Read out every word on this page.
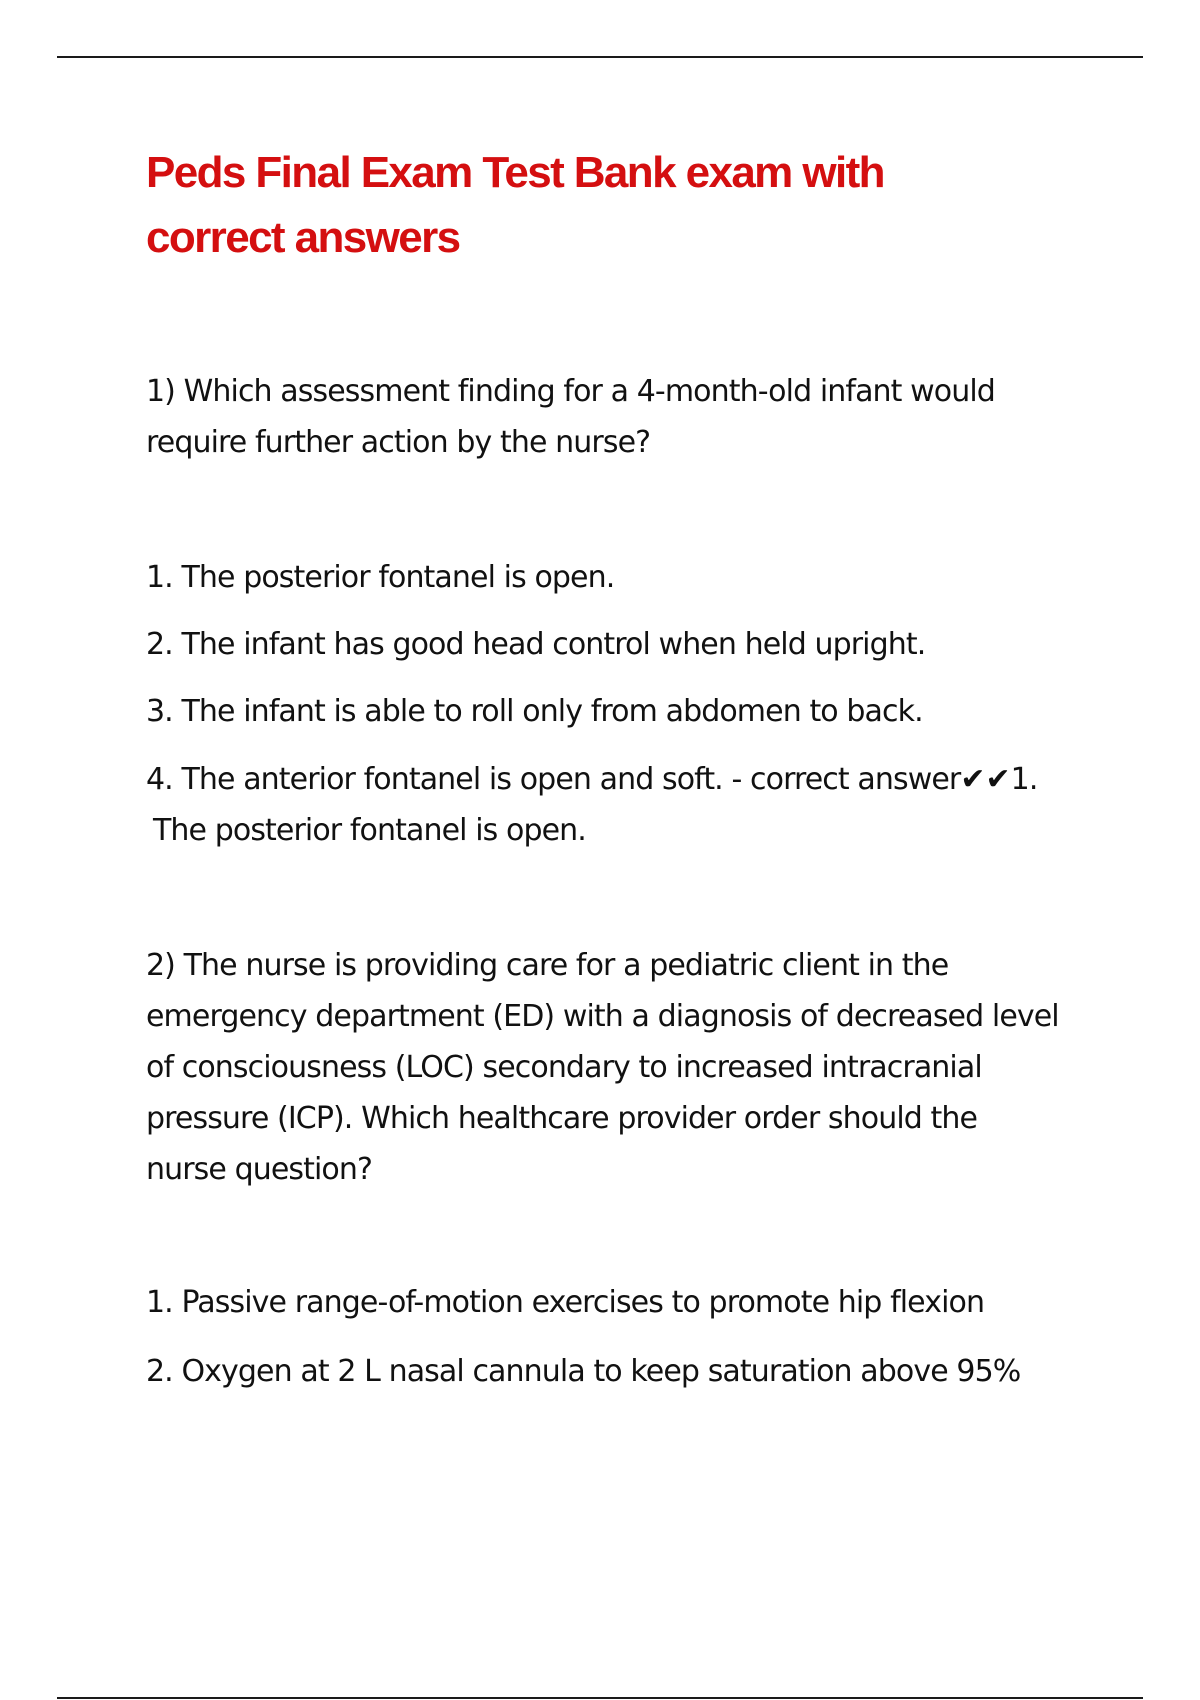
Peds Final Exam Test Bank exam with
correct answers

1) Which assessment finding for a 4-month-old infant would
require further action by the nurse?

1. The posterior fontanel is open.

2. The infant has good head control when held upright.

3. The infant is able to roll only from abdomen to back.

4. The anterior fontanel is open and soft. - correct answer✔✔1.
The posterior fontanel is open.

2) The nurse is providing care for a pediatric client in the
emergency department (ED) with a diagnosis of decreased level
of consciousness (LOC) secondary to increased intracranial
pressure (ICP). Which healthcare provider order should the
nurse question?

1. Passive range-of-motion exercises to promote hip flexion

2. Oxygen at 2 L nasal cannula to keep saturation above 95%
